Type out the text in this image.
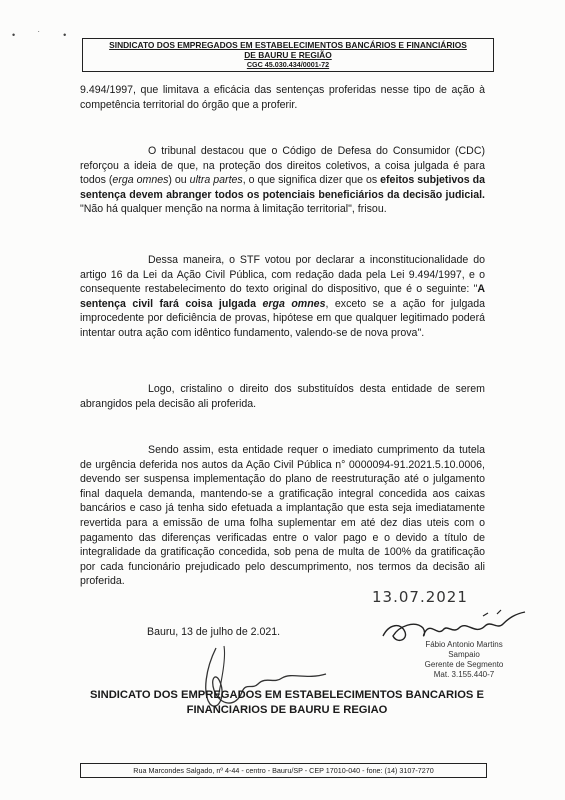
• ˙ •
SINDICATO DOS EMPREGADOS EM ESTABELECIMENTOS BANCÁRIOS E FINANCIÁRIOS
DE BAURU E REGIÃO
CGC 45.030.434/0001-72
9.494/1997, que limitava a eficácia das sentenças proferidas nesse tipo de ação à competência territorial do órgão que a proferir.
O tribunal destacou que o Código de Defesa do Consumidor (CDC) reforçou a ideia de que, na proteção dos direitos coletivos, a coisa julgada é para todos (erga omnes) ou ultra partes, o que significa dizer que os efeitos subjetivos da sentença devem abranger todos os potenciais beneficiários da decisão judicial. "Não há qualquer menção na norma à limitação territorial", frisou.
Dessa maneira, o STF votou por declarar a inconstitucionalidade do artigo 16 da Lei da Ação Civil Pública, com redação dada pela Lei 9.494/1997, e o consequente restabelecimento do texto original do dispositivo, que é o seguinte: "A sentença civil fará coisa julgada erga omnes, exceto se a ação for julgada improcedente por deficiência de provas, hipótese em que qualquer legitimado poderá intentar outra ação com idêntico fundamento, valendo-se de nova prova".
Logo, cristalino o direito dos substituídos desta entidade de serem abrangidos pela decisão ali proferida.
Sendo assim, esta entidade requer o imediato cumprimento da tutela de urgência deferida nos autos da Ação Civil Pública n° 0000094-91.2021.5.10.0006, devendo ser suspensa implementação do plano de reestruturação até o julgamento final daquela demanda, mantendo-se a gratificação integral concedida aos caixas bancários e caso já tenha sido efetuada a implantação que esta seja imediatamente revertida para a emissão de uma folha suplementar em até dez dias uteis com o pagamento das diferenças verificadas entre o valor pago e o devido a título de integralidade da gratificação concedida, sob pena de multa de 100% da gratificação por cada funcionário prejudicado pelo descumprimento, nos termos da decisão ali proferida.
13.07.2021
Fábio Antonio Martins Sampaio
Gerente de Segmento
Mat. 3.155.440-7
Bauru, 13 de julho de 2.021.
SINDICATO DOS EMPREGADOS EM ESTABELECIMENTOS BANCARIOS E FINANCIARIOS DE BAURU E REGIAO
Rua Marcondes Salgado, nº 4-44 - centro - Bauru/SP - CEP 17010-040 - fone: (14) 3107-7270
